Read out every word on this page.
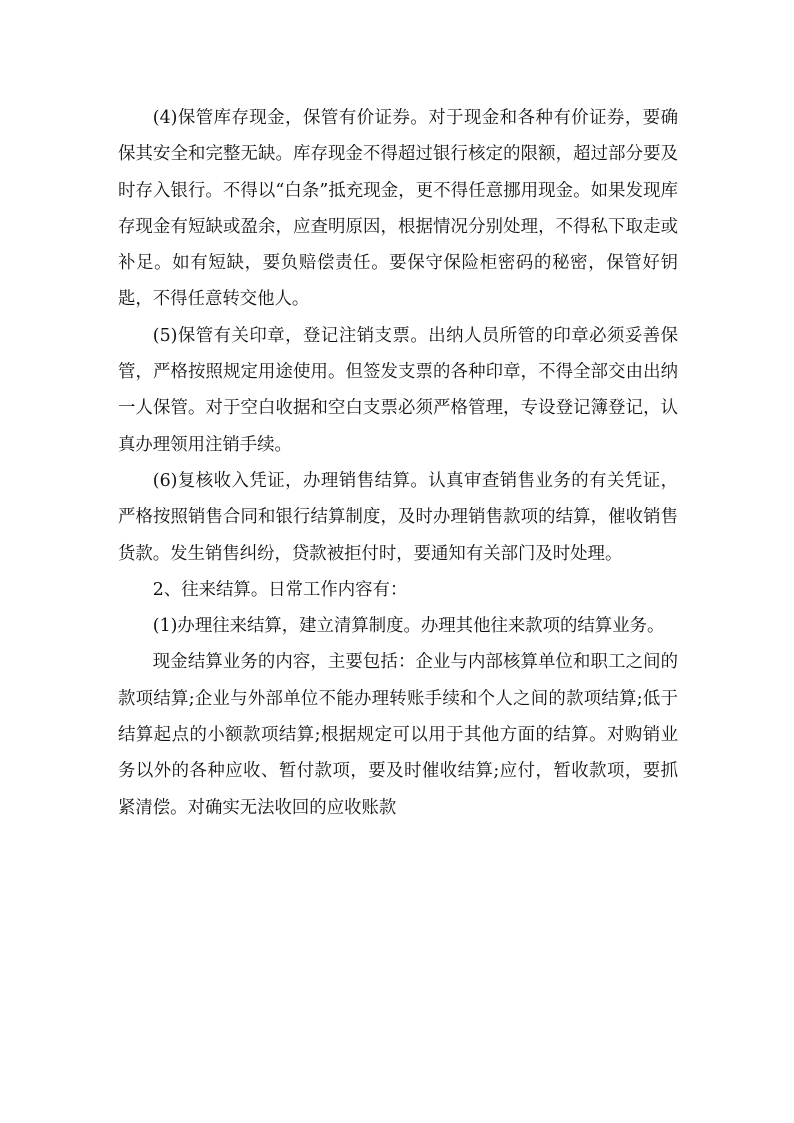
(4)保管库存现金，保管有价证券。对于现金和各种有价证券，要确保其安全和完整无缺。库存现金不得超过银行核定的限额，超过部分要及时存入银行。不得以“白条”抵充现金，更不得任意挪用现金。如果发现库存现金有短缺或盈余，应查明原因，根据情况分别处理，不得私下取走或补足。如有短缺，要负赔偿责任。要保守保险柜密码的秘密，保管好钥匙，不得任意转交他人。

(5)保管有关印章，登记注销支票。出纳人员所管的印章必须妥善保管，严格按照规定用途使用。但签发支票的各种印章，不得全部交由出纳一人保管。对于空白收据和空白支票必须严格管理，专设登记簿登记，认真办理领用注销手续。

(6)复核收入凭证，办理销售结算。认真审查销售业务的有关凭证，严格按照销售合同和银行结算制度，及时办理销售款项的结算，催收销售货款。发生销售纠纷，贷款被拒付时，要通知有关部门及时处理。

2、往来结算。日常工作内容有：

(1)办理往来结算，建立清算制度。办理其他往来款项的结算业务。

现金结算业务的内容，主要包括：企业与内部核算单位和职工之间的款项结算;企业与外部单位不能办理转账手续和个人之间的款项结算;低于结算起点的小额款项结算;根据规定可以用于其他方面的结算。对购销业务以外的各种应收、暂付款项，要及时催收结算;应付，暂收款项，要抓紧清偿。对确实无法收回的应收账款
